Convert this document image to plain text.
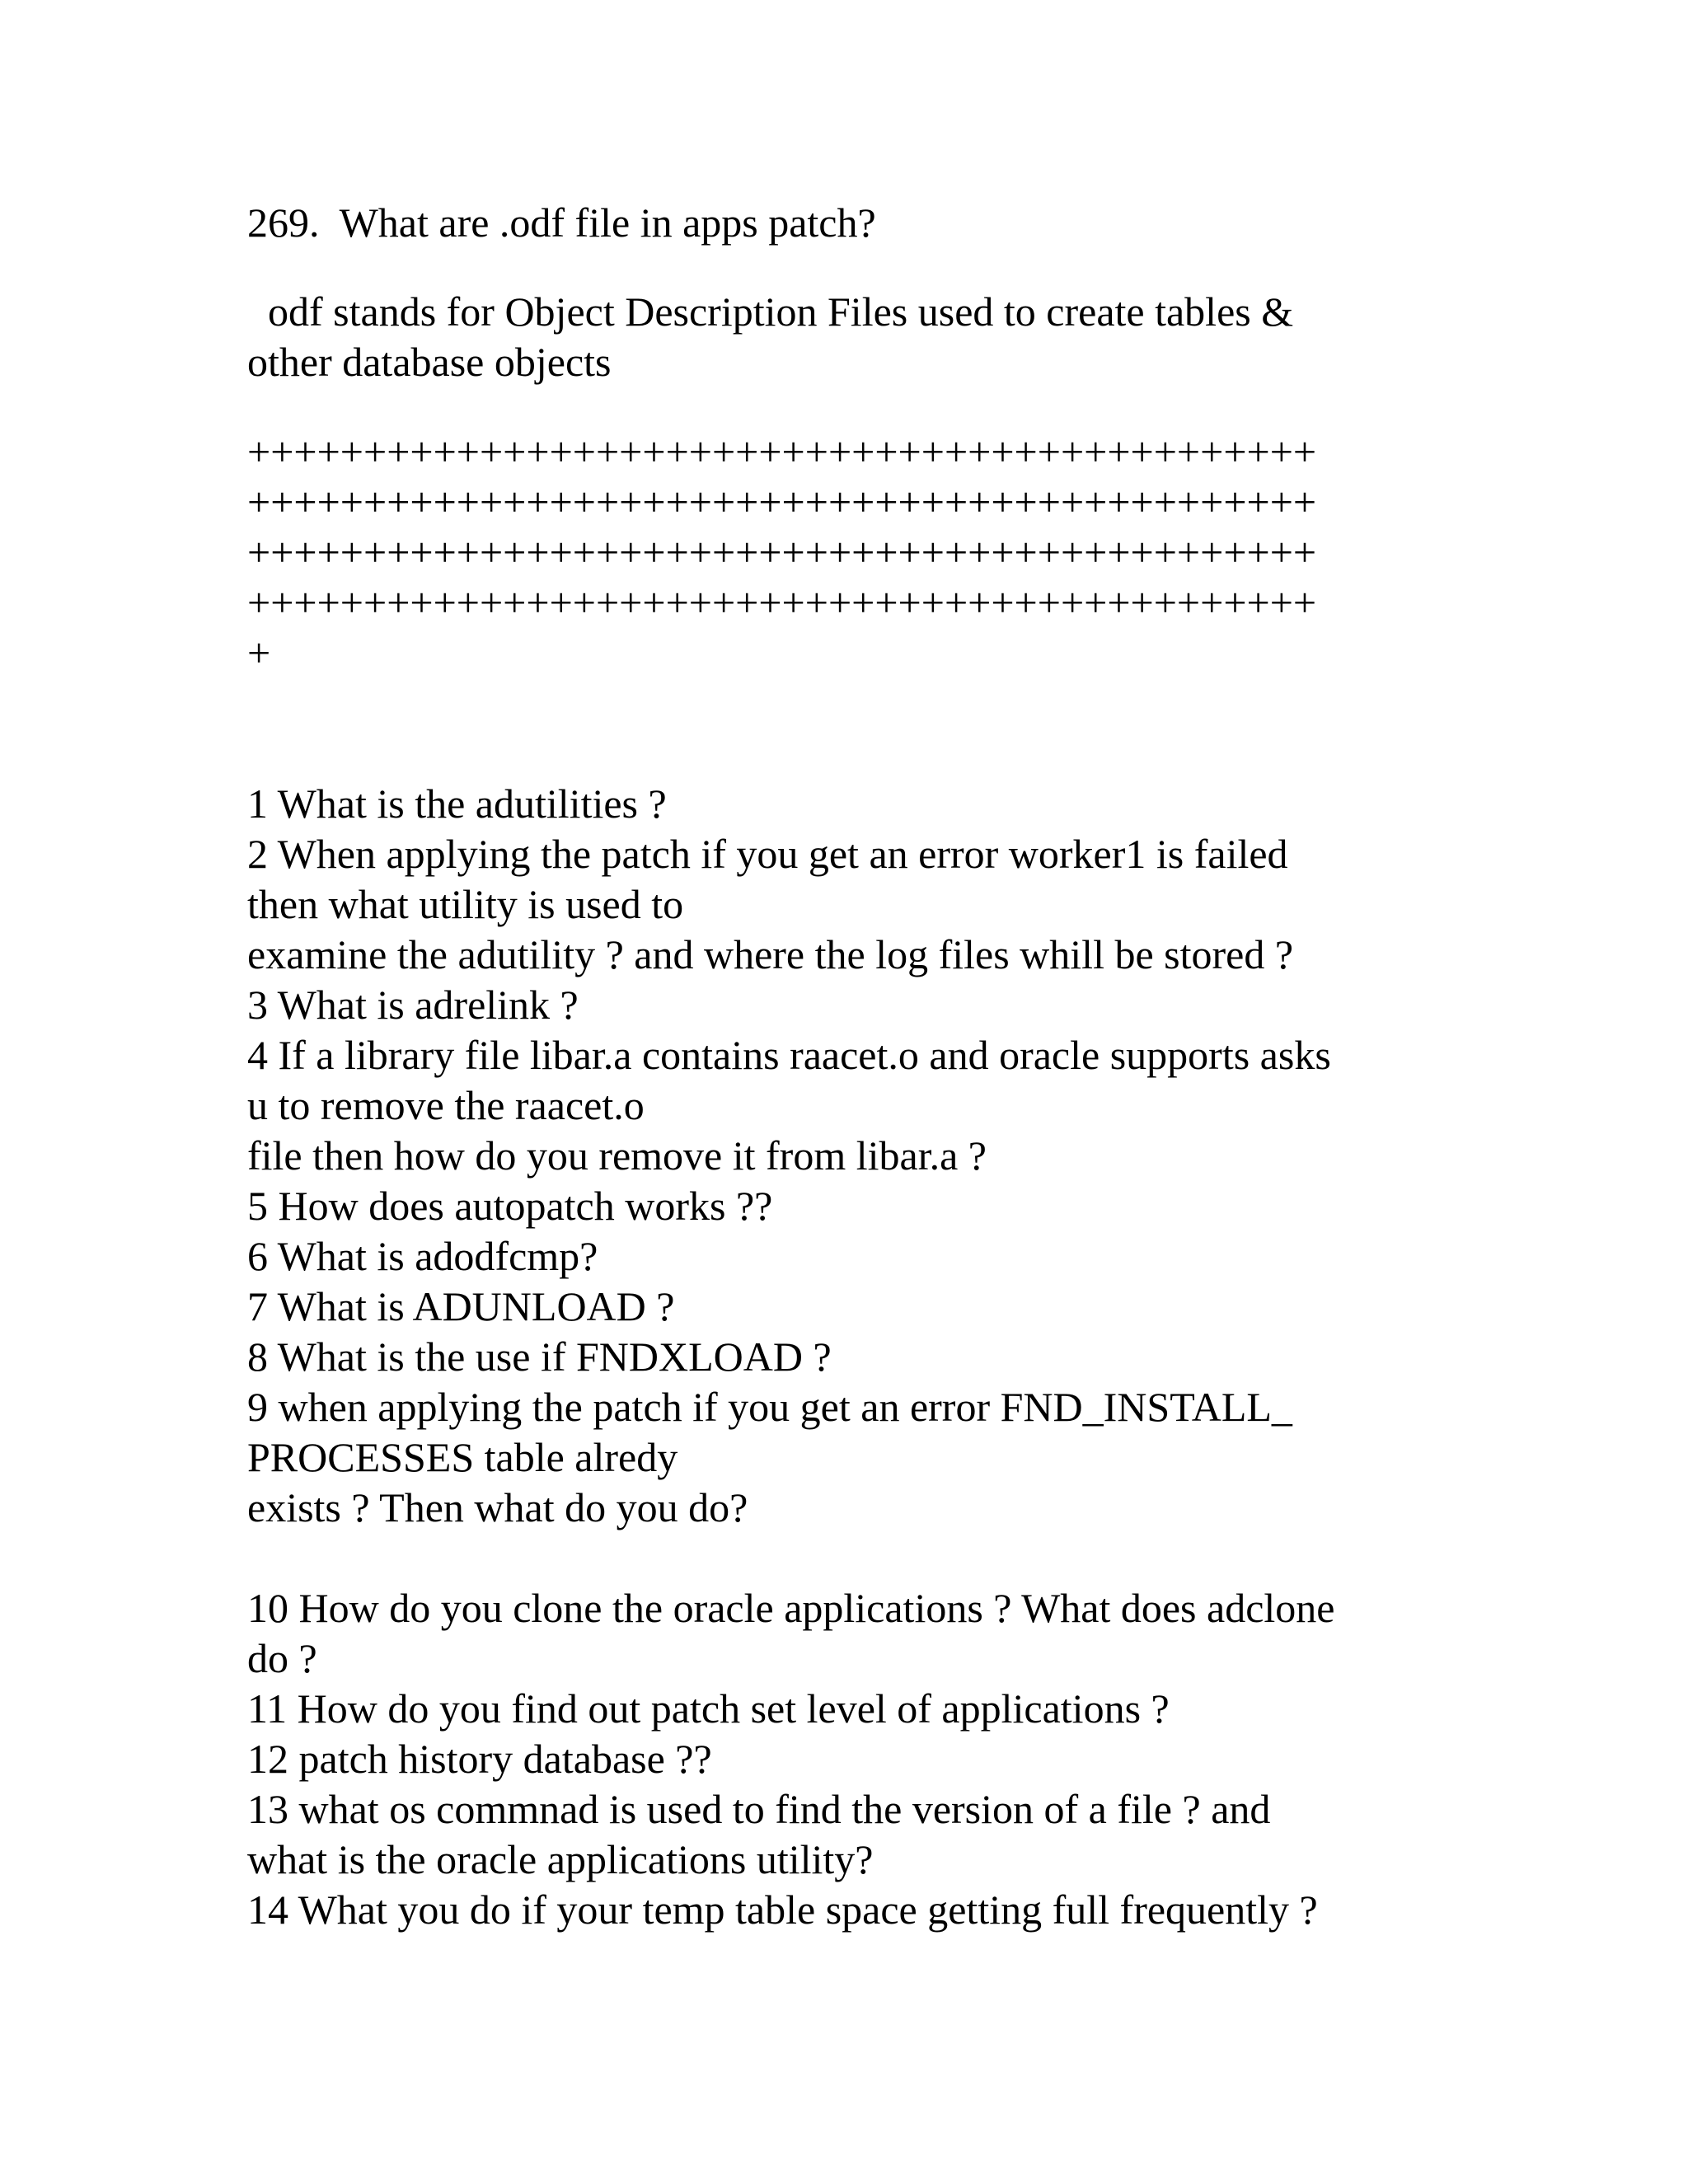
269.  What are .odf file in apps patch?
odf stands for Object Description Files used to create tables &
other database objects
++++++++++++++++++++++++++++++++++++++++++++++
++++++++++++++++++++++++++++++++++++++++++++++
++++++++++++++++++++++++++++++++++++++++++++++
++++++++++++++++++++++++++++++++++++++++++++++
+
1 What is the adutilities ?
2 When applying the patch if you get an error worker1 is failed
then what utility is used to
examine the adutility ? and where the log files whill be stored ?
3 What is adrelink ?
4 If a library file libar.a contains raacet.o and oracle supports asks
u to remove the raacet.o
file then how do you remove it from libar.a ?
5 How does autopatch works ??
6 What is adodfcmp?
7 What is ADUNLOAD ?
8 What is the use if FNDXLOAD ?
9 when applying the patch if you get an error FND_INSTALL_
PROCESSES table alredy
exists ? Then what do you do?
10 How do you clone the oracle applications ? What does adclone
do ?
11 How do you find out patch set level of applications ?
12 patch history database ??
13 what os commnad is used to find the version of a file ? and
what is the oracle applications utility?
14 What you do if your temp table space getting full frequently ?
